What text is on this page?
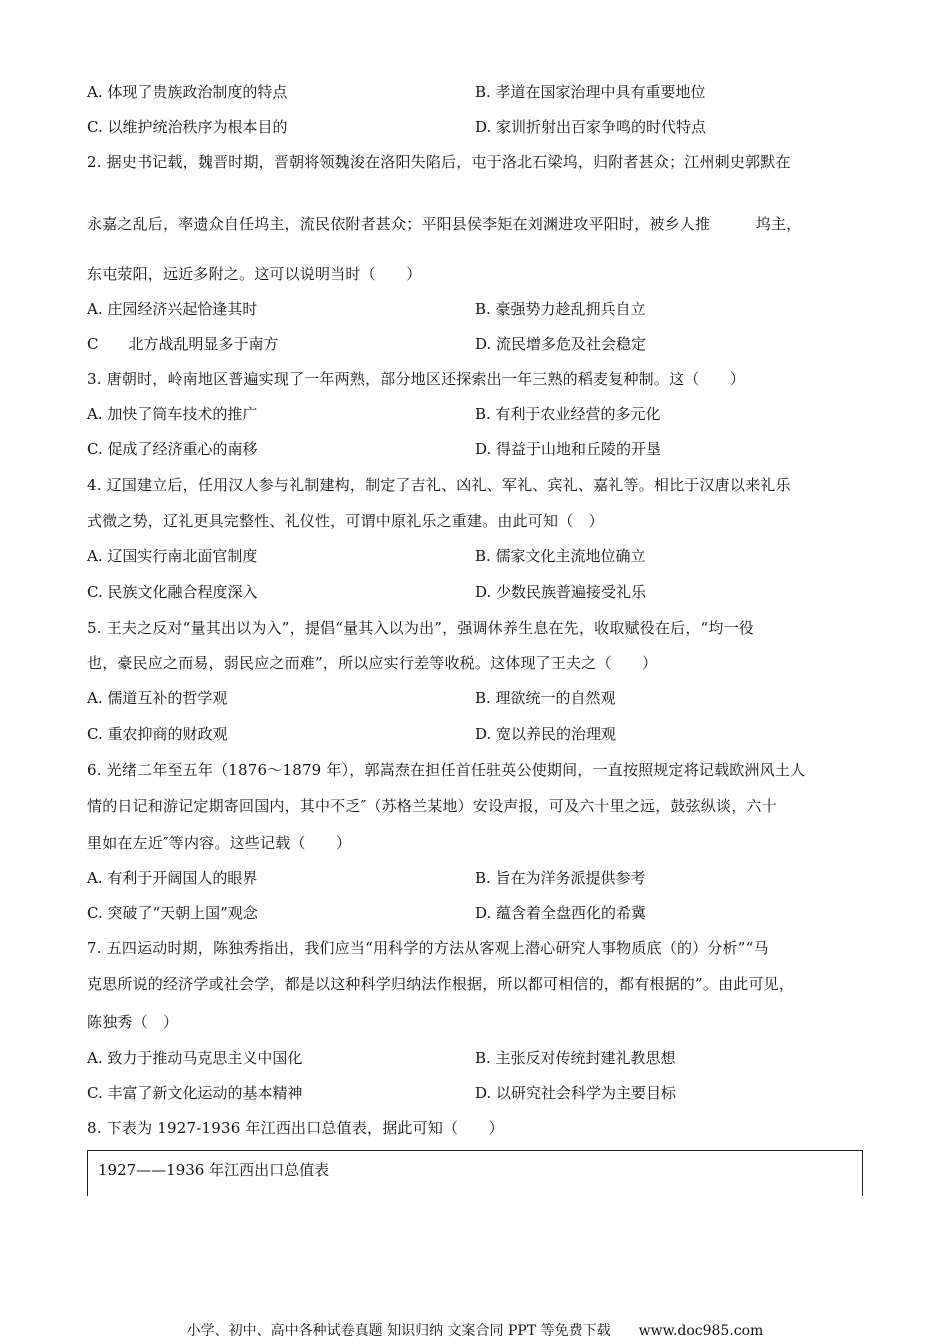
A. 体现了贵族政治制度的特点	B. 孝道在国家治理中具有重要地位
C. 以维护统治秩序为根本目的	D. 家训折射出百家争鸣的时代特点
2. 据史书记载，魏晋时期，晋朝将领魏浚在洛阳失陷后，屯于洛北石梁坞，归附者甚众；江州刺史郭默在
永嘉之乱后，率遗众自任坞主，流民依附者甚众；平阳县侯李矩在刘渊进攻平阳时，被乡人推　　　坞主，
东屯荥阳，远近多附之。这可以说明当时（　　）
A. 庄园经济兴起恰逢其时	B. 豪强势力趁乱拥兵自立
C　　北方战乱明显多于南方	D. 流民增多危及社会稳定
3. 唐朝时，岭南地区普遍实现了一年两熟，部分地区还探索出一年三熟的稻麦复种制。这（　　）
A. 加快了筒车技术的推广	B. 有利于农业经营的多元化
C. 促成了经济重心的南移	D. 得益于山地和丘陵的开垦
4. 辽国建立后，任用汉人参与礼制建构，制定了吉礼、凶礼、军礼、宾礼、嘉礼等。相比于汉唐以来礼乐
式微之势，辽礼更具完整性、礼仪性，可谓中原礼乐之重建。由此可知（　）
A. 辽国实行南北面官制度	B. 儒家文化主流地位确立
C. 民族文化融合程度深入	D. 少数民族普遍接受礼乐
5. 王夫之反对“量其出以为入”，提倡“量其入以为出”，强调休养生息在先，收取赋役在后，“均一役
也，豪民应之而易，弱民应之而难”，所以应实行差等收税。这体现了王夫之（　　）
A. 儒道互补的哲学观	B. 理欲统一的自然观
C. 重农抑商的财政观	D. 宽以养民的治理观
6. 光绪二年至五年（1876～1879 年），郭嵩焘在担任首任驻英公使期间，一直按照规定将记载欧洲风土人
情的日记和游记定期寄回国内，其中不乏″（苏格兰某地）安设声报，可及六十里之远，鼓弦纵谈，六十
里如在左近″等内容。这些记载（　　）
A. 有利于开阔国人的眼界	B. 旨在为洋务派提供参考
C. 突破了“天朝上国”观念	D. 蕴含着全盘西化的希冀
7. 五四运动时期，陈独秀指出，我们应当“用科学的方法从客观上潜心研究人事物质底（的）分析”“马
克思所说的经济学或社会学，都是以这种科学归纳法作根据，所以都可相信的，都有根据的”。由此可见，
陈独秀（　）
A. 致力于推动马克思主义中国化	B. 主张反对传统封建礼教思想
C. 丰富了新文化运动的基本精神	D. 以研究社会科学为主要目标
8. 下表为 1927-1936 年江西出口总值表，据此可知（　　）
1927——1936 年江西出口总值表
小学、初中、高中各种试卷真题 知识归纳 文案合同 PPT 等免费下载　　www.doc985.com
